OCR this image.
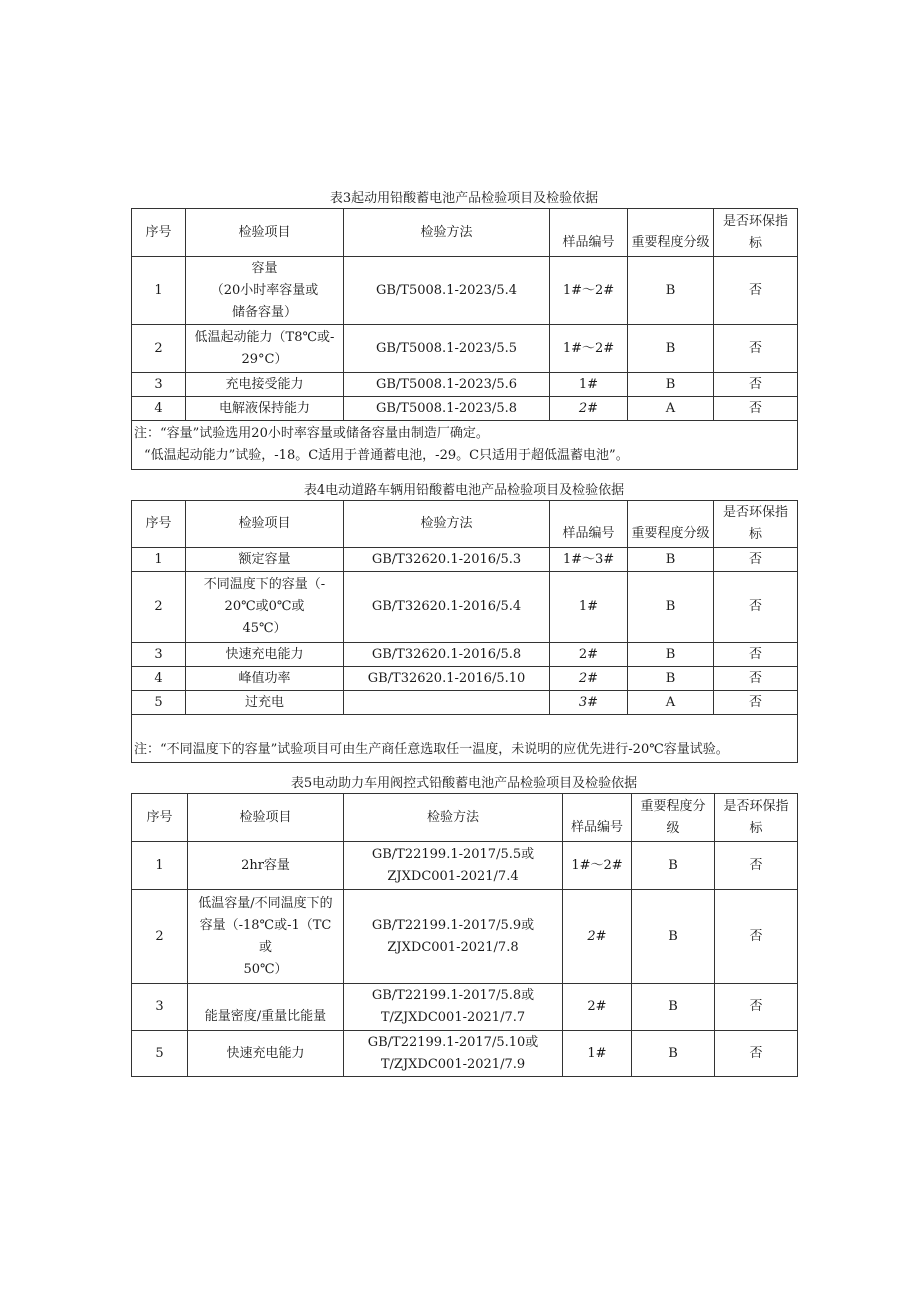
表3起动用铅酸蓄电池产品检验项目及检验依据
序号	检验项目	检验方法	样品编号	重要程度分级	是否环保指
标

1	容量
（20小时率容量或
储备容量）	GB/T5008.1-2023/5.4	1#～2#	B	否
2	低温起动能力（T8℃或-
29°C）	GB/T5008.1-2023/5.5	1#～2#	B	否
3	充电接受能力	GB/T5008.1-2023/5.6	1#	B	否
4	电解液保持能力	GB/T5008.1-2023/5.8	2#	A	否

注：“容量”试验选用20小时率容量或储备容量由制造厂确定。
“低温起动能力”试验，-18。C适用于普通蓄电池，-29。C只适用于超低温蓄电池”。					
表4电动道路车辆用铅酸蓄电池产品检验项目及检验依据
序号	检验项目	检验方法	样品编号	重要程度分级	是否环保指
标

1	额定容量	GB/T32620.1-2016/5.3	1#～3#	B	否
2	不同温度下的容量（-
20℃或0℃或
45℃）	GB/T32620.1-2016/5.4	1#	B	否
3	快速充电能力	GB/T32620.1-2016/5.8	2#	B	否
4	峰值功率	GB/T32620.1-2016/5.10	2#	B	否
5	过充电		3#	A	否

注：“不同温度下的容量”试验项目可由生产商任意选取任一温度，未说明的应优先进行-20℃容量试验。					
表5电动助力车用阀控式铅酸蓄电池产品检验项目及检验依据
序号	检验项目	检验方法	样品编号	重要程度分
级	是否环保指
标

1	2hr容量	GB/T22199.1-2017/5.5或
ZJXDC001-2021/7.4	1#～2#	B	否
2	低温容量/不同温度下的
容量（-18℃或-1（TC
或
50℃）	GB/T22199.1-2017/5.9或
ZJXDC001-2021/7.8	2#	B	否
3	能量密度/重量比能量	GB/T22199.1-2017/5.8或
T/ZJXDC001-2021/7.7	2#	B	否
5	快速充电能力	GB/T22199.1-2017/5.10或
T/ZJXDC001-2021/7.9	1#	B	否
